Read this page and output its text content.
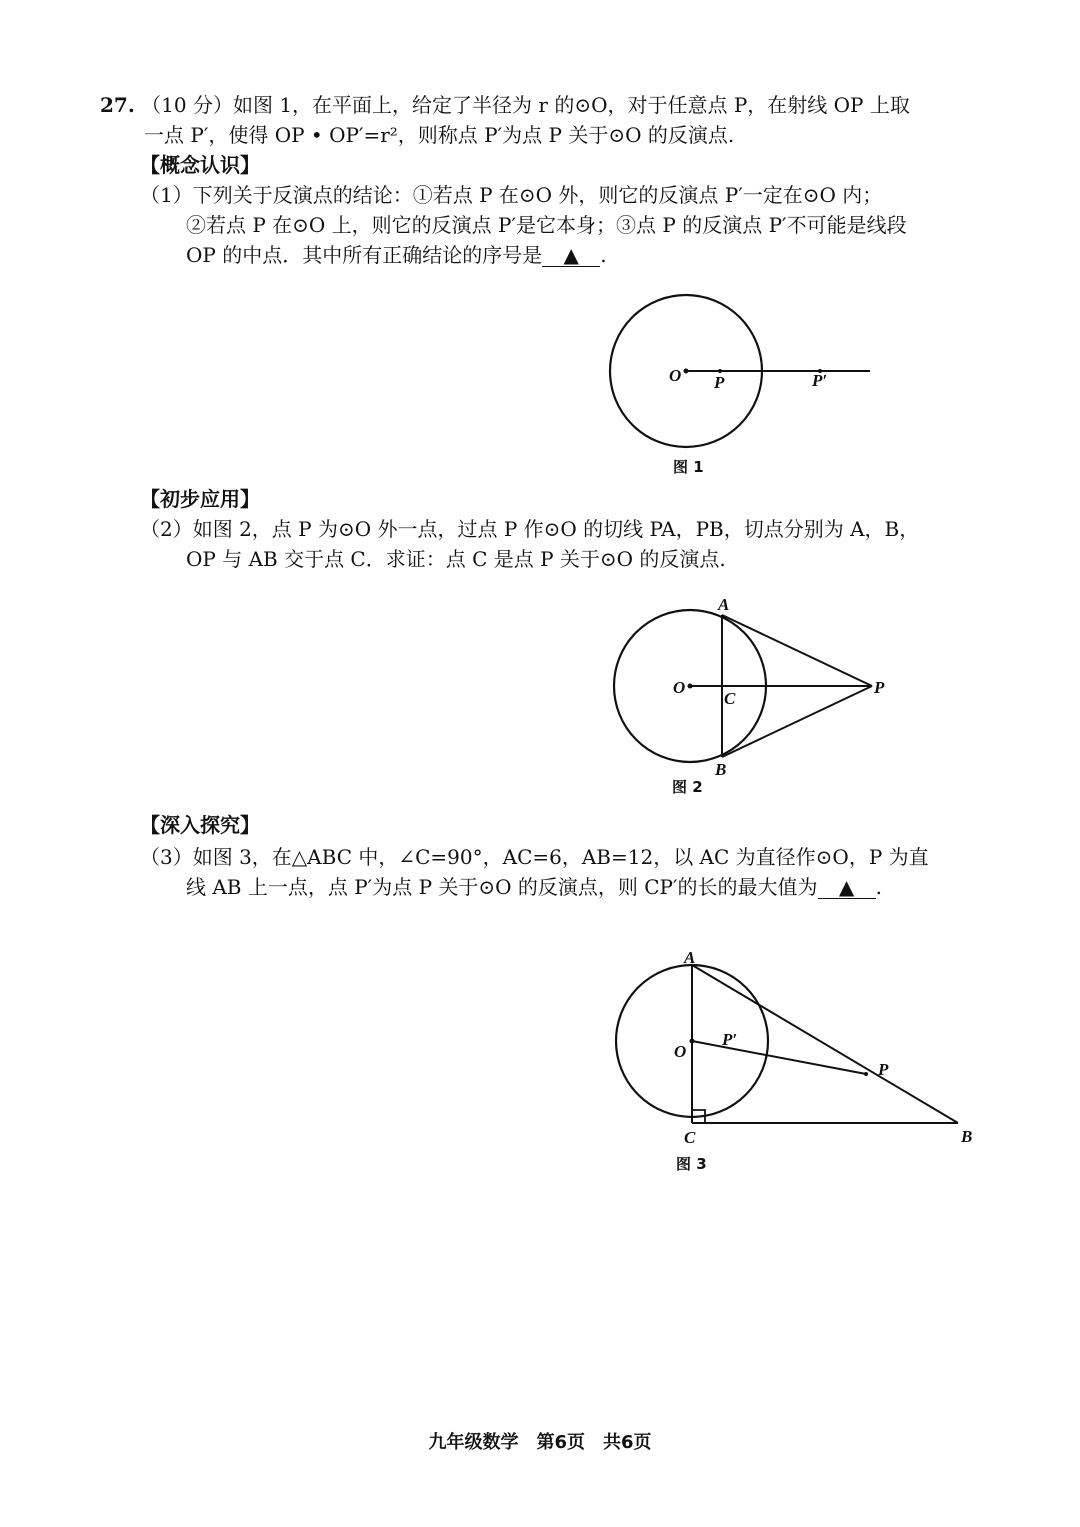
27. （10 分）如图 1，在平面上，给定了半径为 r 的⊙O，对于任意点 P，在射线 OP 上取
一点 P′，使得 OP • OP′=r²，则称点 P′为点 P 关于⊙O 的反演点.
【概念认识】
（1）下列关于反演点的结论：①若点 P 在⊙O 外，则它的反演点 P′一定在⊙O 内；
②若点 P 在⊙O 上，则它的反演点 P′是它本身；③点 P 的反演点 P′不可能是线段
OP 的中点．其中所有正确结论的序号是 ▲ .
O P	P′
图 1
【初步应用】
（2）如图 2，点 P 为⊙O 外一点，过点 P 作⊙O 的切线 PA，PB，切点分别为 A，B，
OP 与 AB 交于点 C．求证：点 C 是点 P 关于⊙O 的反演点.
A
B
C
O	P
图 2
【深入探究】
（3）如图 3，在△ABC 中，∠C=90°，AC=6，AB=12，以 AC 为直径作⊙O，P 为直
线 AB 上一点，点 P′为点 P 关于⊙O 的反演点，则 CP′的长的最大值为 ▲ .
A
B
C
O
P
P′
图 3
九年级数学　第6页　共6页
